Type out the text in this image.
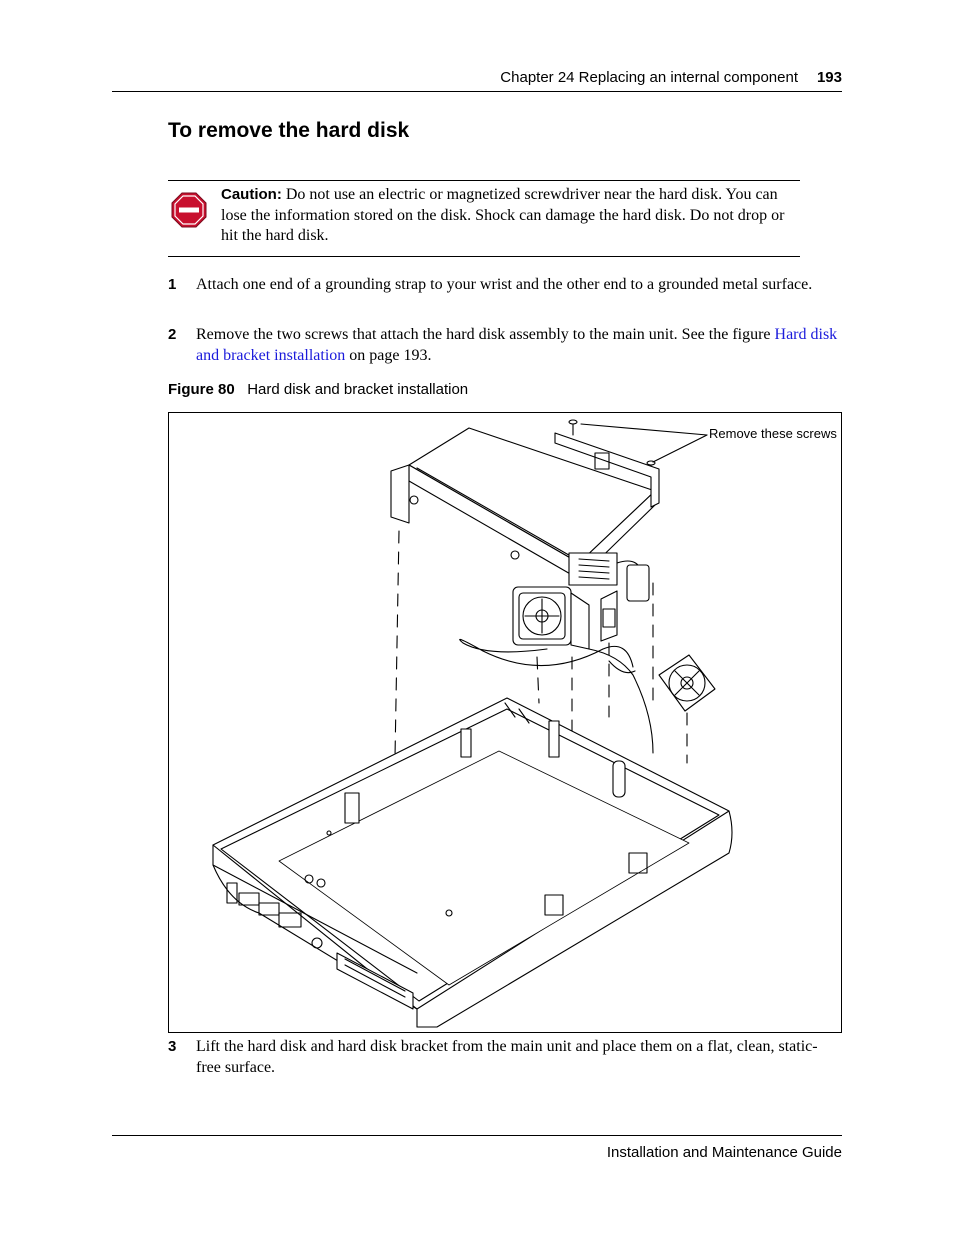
Chapter 24 Replacing an internal component 193
To remove the hard disk
Caution: Do not use an electric or magnetized screwdriver near the hard disk. You can lose the information stored on the disk. Shock can damage the hard disk. Do not drop or hit the hard disk.
1 Attach one end of a grounding strap to your wrist and the other end to a grounded metal surface.
2 Remove the two screws that attach the hard disk assembly to the main unit. See the figure Hard disk and bracket installation on page 193.
Figure 80 Hard disk and bracket installation
Remove these screws
3 Lift the hard disk and hard disk bracket from the main unit and place them on a flat, clean, static-free surface.
Installation and Maintenance Guide
